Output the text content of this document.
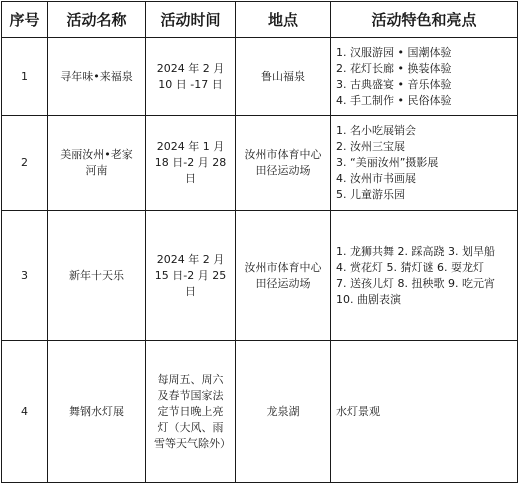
序号	活动名称	活动时间	地点	活动特色和亮点
1	寻年味•来福泉	2024 年 2 月 10 日 -17 日	鲁山福泉	1. 汉服游园 • 国潮体验
2. 花灯长廊 • 换装体验
3. 古典盛宴 • 音乐体验
4. 手工制作 • 民俗体验

2	美丽汝州•老家河南	2024 年 1 月 18 日-2 月 28 日	汝州市体育中心田径运动场	1. 名小吃展销会
2. 汝州三宝展
3. “美丽汝州”摄影展
4. 汝州市书画展
5. 儿童游乐园

3	新年十天乐	2024 年 2 月 15 日-2 月 25 日	汝州市体育中心田径运动场	1. 龙狮共舞 2. 踩高跷 3. 划旱船
4. 赏花灯 5. 猜灯谜 6. 耍龙灯
7. 送孩儿灯 8. 扭秧歌 9. 吃元宵
10. 曲剧表演

4	舞钢水灯展	每周五、周六及春节国家法定节日晚上亮灯（大风、雨雪等天气除外）	龙泉湖	水灯景观
